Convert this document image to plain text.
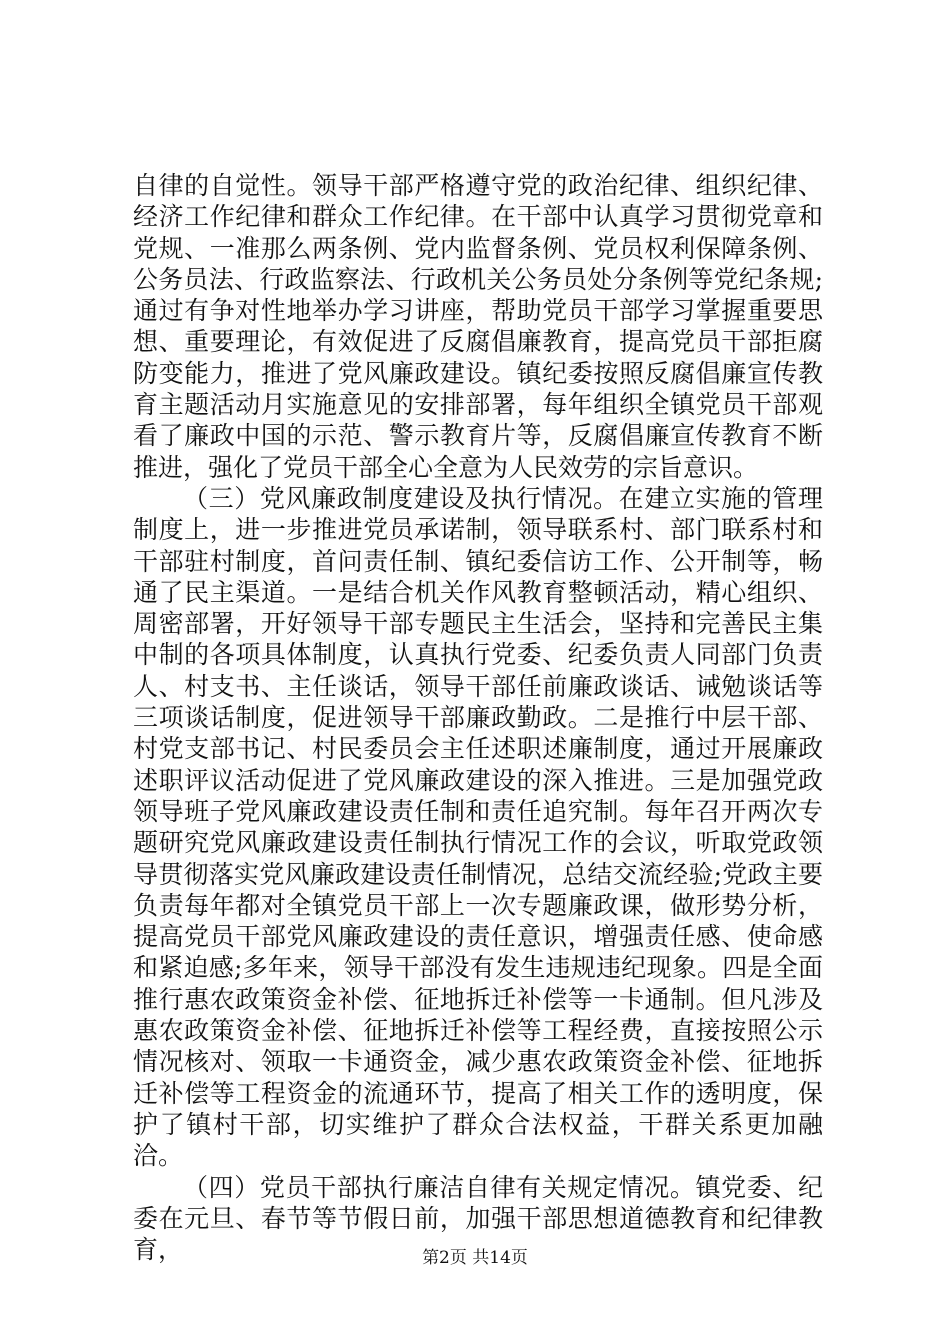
自律的自觉性。领导干部严格遵守党的政治纪律、组织纪律、经济工作纪律和群众工作纪律。在干部中认真学习贯彻党章和党规、一准那么两条例、党内监督条例、党员权利保障条例、公务员法、行政监察法、行政机关公务员处分条例等党纪条规;通过有争对性地举办学习讲座，帮助党员干部学习掌握重要思想、重要理论，有效促进了反腐倡廉教育，提高党员干部拒腐防变能力，推进了党风廉政建设。镇纪委按照反腐倡廉宣传教育主题活动月实施意见的安排部署，每年组织全镇党员干部观看了廉政中国的示范、警示教育片等，反腐倡廉宣传教育不断推进，强化了党员干部全心全意为人民效劳的宗旨意识。

（三）党风廉政制度建设及执行情况。在建立实施的管理制度上，进一步推进党员承诺制，领导联系村、部门联系村和干部驻村制度，首问责任制、镇纪委信访工作、公开制等，畅通了民主渠道。一是结合机关作风教育整顿活动，精心组织、周密部署，开好领导干部专题民主生活会，坚持和完善民主集中制的各项具体制度，认真执行党委、纪委负责人同部门负责人、村支书、主任谈话，领导干部任前廉政谈话、诫勉谈话等三项谈话制度，促进领导干部廉政勤政。二是推行中层干部、村党支部书记、村民委员会主任述职述廉制度，通过开展廉政述职评议活动促进了党风廉政建设的深入推进。三是加强党政领导班子党风廉政建设责任制和责任追究制。每年召开两次专题研究党风廉政建设责任制执行情况工作的会议，听取党政领导贯彻落实党风廉政建设责任制情况，总结交流经验;党政主要负责每年都对全镇党员干部上一次专题廉政课，做形势分析，提高党员干部党风廉政建设的责任意识，增强责任感、使命感和紧迫感;多年来，领导干部没有发生违规违纪现象。四是全面推行惠农政策资金补偿、征地拆迁补偿等一卡通制。但凡涉及惠农政策资金补偿、征地拆迁补偿等工程经费，直接按照公示情况核对、领取一卡通资金，减少惠农政策资金补偿、征地拆迁补偿等工程资金的流通环节，提高了相关工作的透明度，保护了镇村干部，切实维护了群众合法权益，干群关系更加融洽。

（四）党员干部执行廉洁自律有关规定情况。镇党委、纪委在元旦、春节等节假日前，加强干部思想道德教育和纪律教育，	第2页 共14页
